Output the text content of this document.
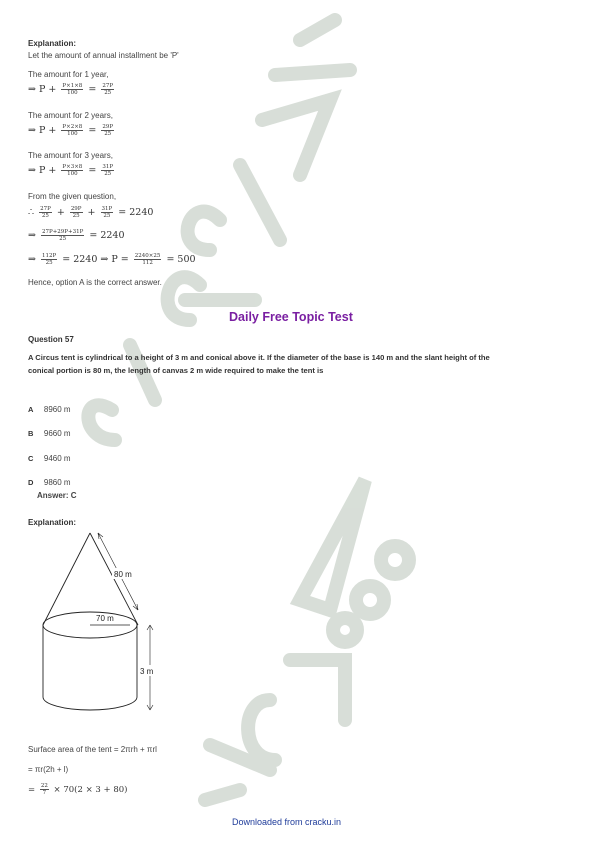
Explanation:
Let the amount of annual installment be 'P'
The amount for 1 year,
⇒ $P + \frac{P\times 1\times 8}{100} = \frac{27P}{25}$
The amount for 2 years,
⇒ $P + \frac{P\times 2\times 8}{100} = \frac{29P}{25}$
The amount for 3 years,
⇒ $P + \frac{P\times 3\times 8}{100} = \frac{31P}{25}$
From the given question,
∴ $\frac{27P}{25} + \frac{29P}{25} + \frac{31P}{25} = 2240$
⇒ $\frac{27P+29P+31P}{25} = 2240$
⇒ $\frac{112P}{25} = 2240$ ⇒ $P = \frac{2240\times 25}{112} = 500$
Hence, option A is the correct answer.
Daily Free Topic Test
Question 57
A Circus tent is cylindrical to a height of 3 m and conical above it. If the diameter of the base is 140 m and the slant height of the
conical portion is 80 m, the length of canvas 2 m wide required to make the tent is
A 8960 m
B 9660 m
C 9460 m
D 9860 m
Answer: C
Explanation:
80 m
70 m
3 m
Surface area of the tent = 2πrh + πrl
= πr(2h + l)
= $\frac{22}{7} \times 70(2 \times 3 + 80)$
Downloaded from cracku.in
